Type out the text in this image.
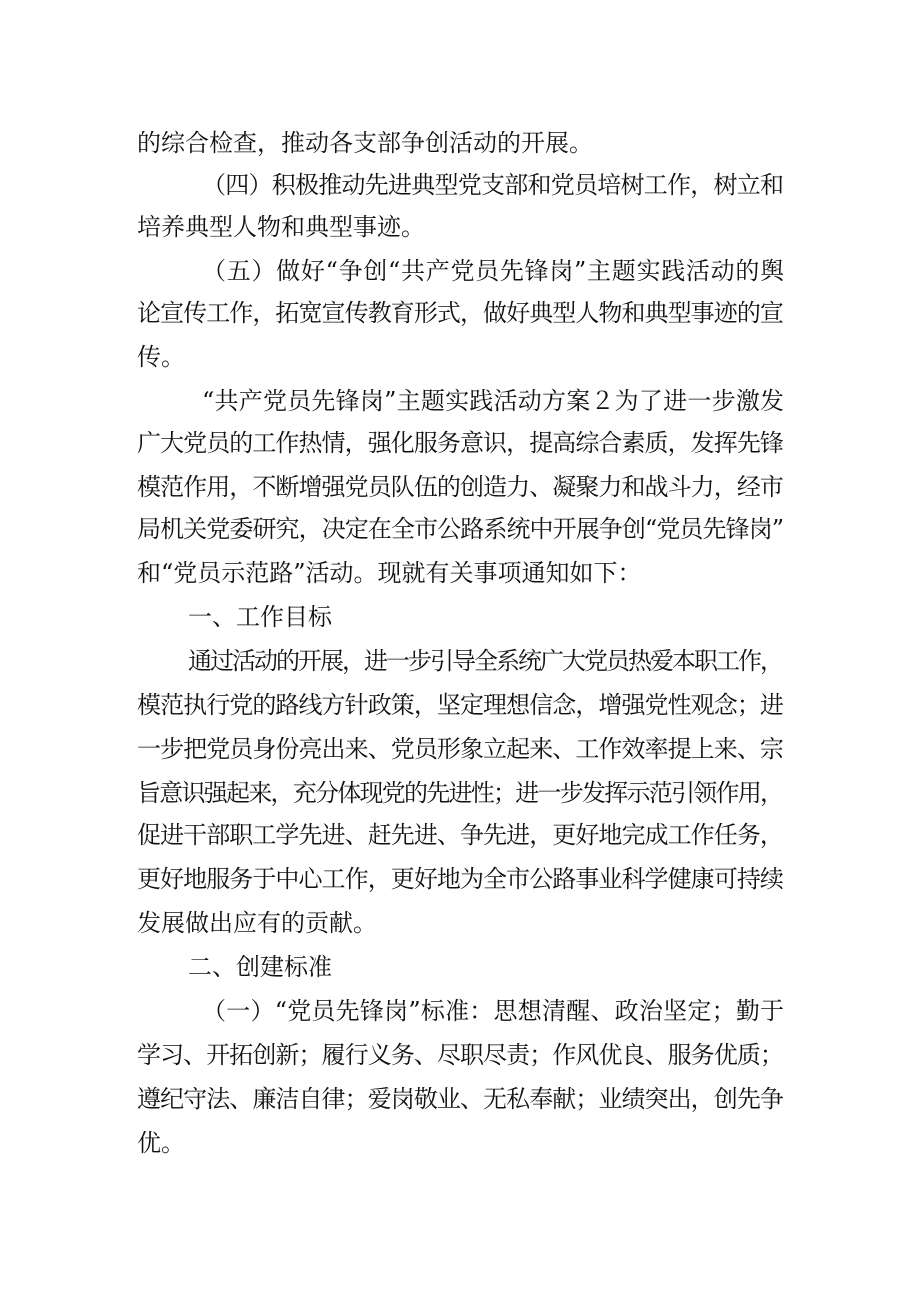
的综合检查，推动各支部争创活动的开展。
（四）积极推动先进典型党支部和党员培树工作，树立和
培养典型人物和典型事迹。
（五）做好“争创“共产党员先锋岗”主题实践活动的舆
论宣传工作，拓宽宣传教育形式，做好典型人物和典型事迹的宣
传。
“共产党员先锋岗”主题实践活动方案２为了进一步激发
广大党员的工作热情，强化服务意识，提高综合素质，发挥先锋
模范作用，不断增强党员队伍的创造力、凝聚力和战斗力，经市
局机关党委研究，决定在全市公路系统中开展争创“党员先锋岗”
和“党员示范路”活动。现就有关事项通知如下：
一、工作目标
通过活动的开展，进一步引导全系统广大党员热爱本职工作，
模范执行党的路线方针政策，坚定理想信念，增强党性观念；进
一步把党员身份亮出来、党员形象立起来、工作效率提上来、宗
旨意识强起来，充分体现党的先进性；进一步发挥示范引领作用，
促进干部职工学先进、赶先进、争先进，更好地完成工作任务，
更好地服务于中心工作，更好地为全市公路事业科学健康可持续
发展做出应有的贡献。
二、创建标准
（一）“党员先锋岗”标准：思想清醒、政治坚定；勤于
学习、开拓创新；履行义务、尽职尽责；作风优良、服务优质；
遵纪守法、廉洁自律；爱岗敬业、无私奉献；业绩突出，创先争
优。
